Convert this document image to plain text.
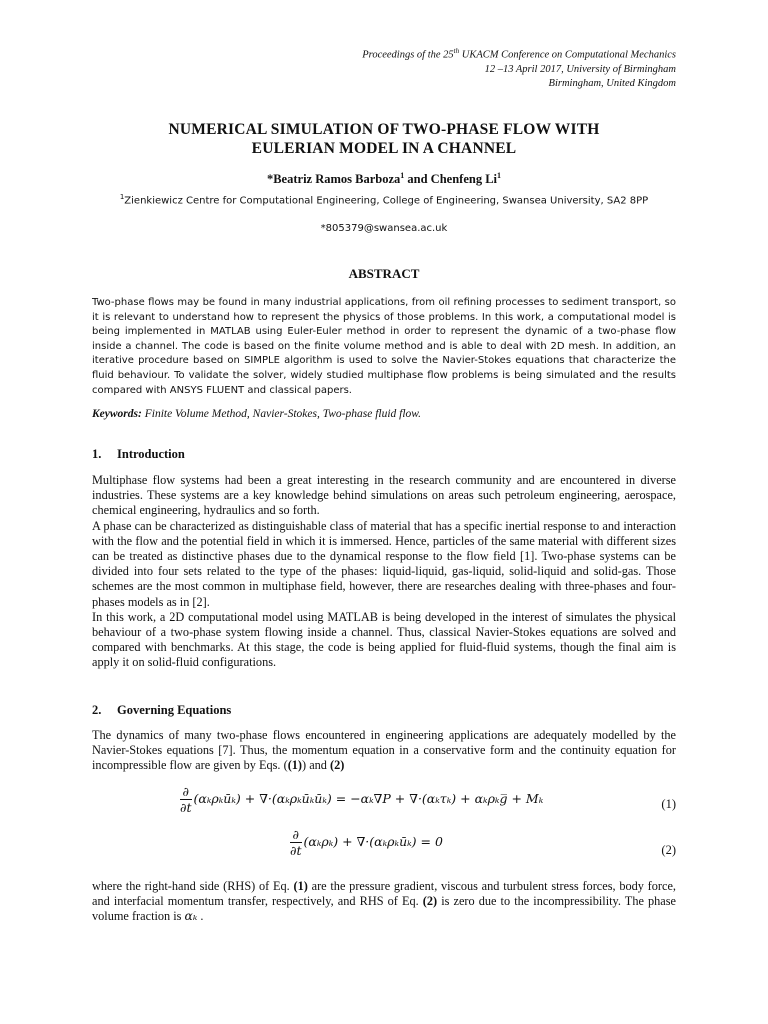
Proceedings of the 25th UKACM Conference on Computational Mechanics
12 –13 April 2017, University of Birmingham
Birmingham, United Kingdom
NUMERICAL SIMULATION OF TWO-PHASE FLOW WITH
EULERIAN MODEL IN A CHANNEL
*Beatriz Ramos Barboza$^1$ and Chenfeng Li$^1$
$^1$Zienkiewicz Centre for Computational Engineering, College of Engineering, Swansea University, SA2 8PP
*805379@swansea.ac.uk
ABSTRACT
Two-phase flows may be found in many industrial applications, from oil refining processes to sediment transport, so it is relevant to understand how to represent the physics of those problems. In this work, a computational model is being implemented in MATLAB using Euler-Euler method in order to represent the dynamic of a two-phase flow inside a channel. The code is based on the finite volume method and is able to deal with 2D mesh. In addition, an iterative procedure based on SIMPLE algorithm is used to solve the Navier-Stokes equations that characterize the fluid behaviour. To validate the solver, widely studied multiphase flow problems is being simulated and the results compared with ANSYS FLUENT and classical papers.
Keywords: Finite Volume Method, Navier-Stokes, Two-phase fluid flow.
1. Introduction

Multiphase flow systems had been a great interesting in the research community and are encountered in diverse industries. These systems are a key knowledge behind simulations on areas such petroleum engineering, aerospace, chemical engineering, hydraulics and so forth.

A phase can be characterized as distinguishable class of material that has a specific inertial response to and interaction with the flow and the potential field in which it is immersed. Hence, particles of the same material with different sizes can be treated as distinctive phases due to the dynamical response to the flow field [1]. Two-phase systems can be divided into four sets related to the type of the phases: liquid-liquid, gas-liquid, solid-liquid and solid-gas. Those schemes are the most common in multiphase field, however, there are researches dealing with three-phases and four-phases models as in [2].

In this work, a 2D computational model using MATLAB is being developed in the interest of simulates the physical behaviour of a two-phase system flowing inside a channel. Thus, classical Navier-Stokes equations are solved and compared with benchmarks. At this stage, the code is being applied for fluid-fluid systems, though the final aim is apply it on solid-fluid configurations.

2. Governing Equations
The dynamics of many two-phase flows encountered in engineering applications are adequately modelled by the Navier-Stokes equations [7]. Thus, the momentum equation in a conservative form and the continuity equation for incompressible flow are given by Eqs. ((1)) and (2)
$\frac{\partial}{\partial t}$ (αₖρₖūₖ) + ∇·(αₖρₖūₖūₖ) = −αₖ∇P + ∇·(αₖτₖ) + αₖρₖg̅ + Mₖ	(1)
$\frac{\partial}{\partial t} (\alpha_k\rho_k)$ + ∇·(αₖρₖūₖ) = 0
(2)
where the right-hand side (RHS) of Eq. (1) are the pressure gradient, viscous and turbulent stress forces, body force, and interfacial momentum transfer, respectively, and RHS of Eq. (2) is zero due to the incompressibility. The phase volume fraction is αₖ .
